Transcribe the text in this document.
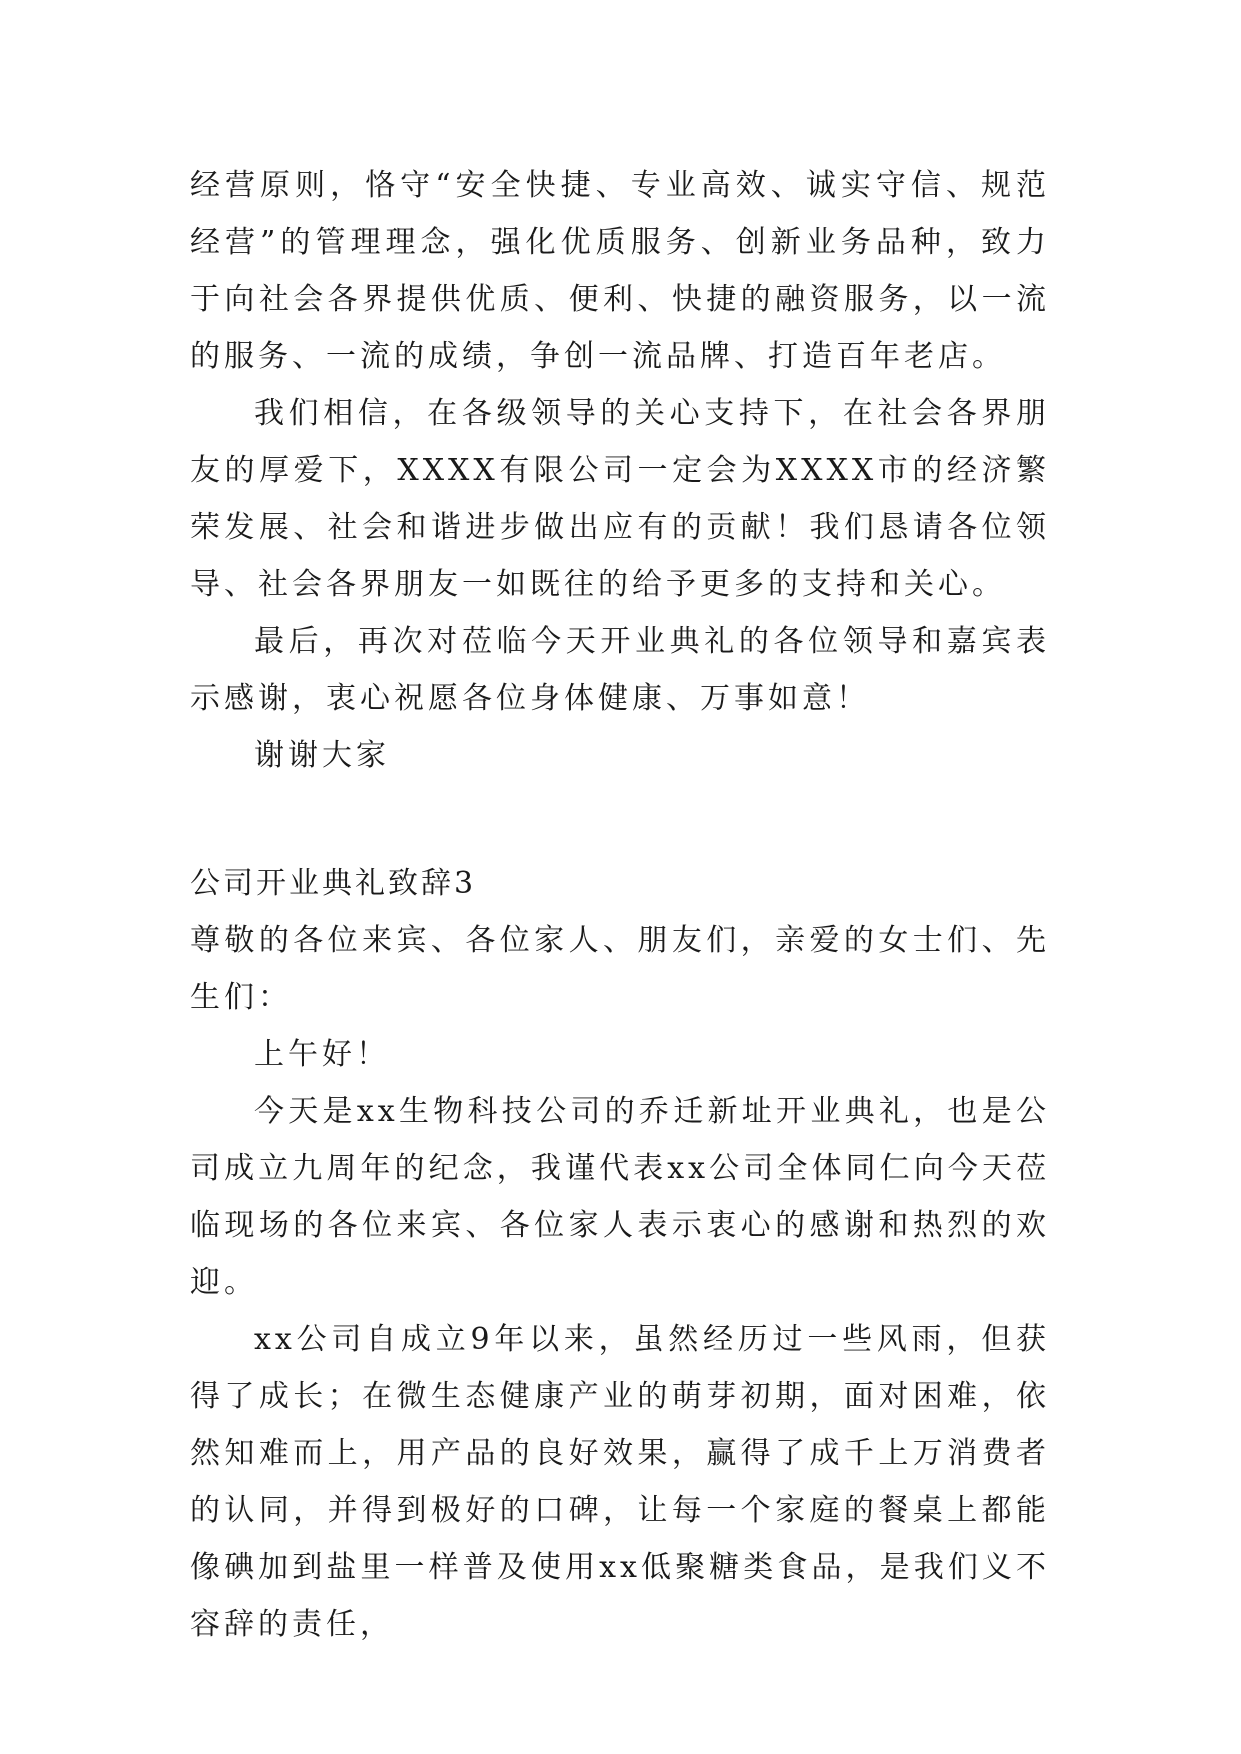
经营原则，恪守“安全快捷、专业高效、诚实守信、规范经营”的管理理念，强化优质服务、创新业务品种，致力于向社会各界提供优质、便利、快捷的融资服务，以一流的服务、一流的成绩，争创一流品牌、打造百年老店。

我们相信，在各级领导的关心支持下，在社会各界朋友的厚爱下，XXXX有限公司一定会为XXXX市的经济繁荣发展、社会和谐进步做出应有的贡献！我们恳请各位领导、社会各界朋友一如既往的给予更多的支持和关心。

最后，再次对莅临今天开业典礼的各位领导和嘉宾表示感谢，衷心祝愿各位身体健康、万事如意！

谢谢大家

公司开业典礼致辞3

尊敬的各位来宾、各位家人、朋友们，亲爱的女士们、先生们：

上午好！

今天是xx生物科技公司的乔迁新址开业典礼，也是公司成立九周年的纪念，我谨代表xx公司全体同仁向今天莅临现场的各位来宾、各位家人表示衷心的感谢和热烈的欢迎。

xx公司自成立9年以来，虽然经历过一些风雨，但获得了成长；在微生态健康产业的萌芽初期，面对困难，依然知难而上，用产品的良好效果，赢得了成千上万消费者的认同，并得到极好的口碑，让每一个家庭的餐桌上都能像碘加到盐里一样普及使用xx低聚糖类食品，是我们义不容辞的责任，
